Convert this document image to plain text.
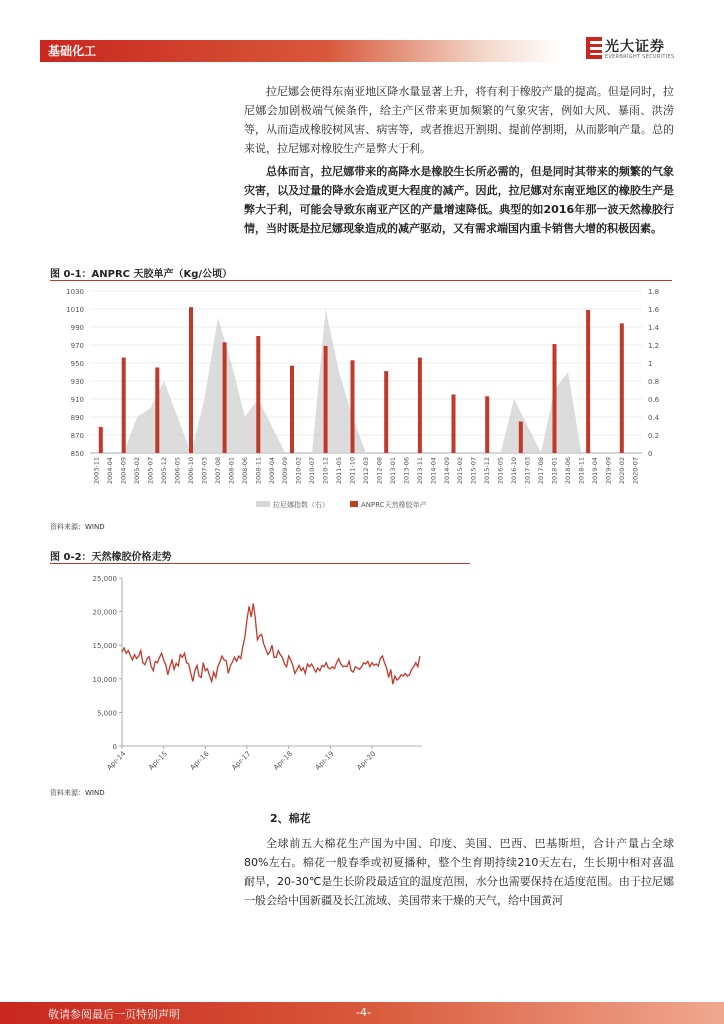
基础化工	光大证券
EVERBRIGHT SECURITIES

拉尼娜会使得东南亚地区降水量显著上升，将有利于橡胶产量的提高。但是同时，拉尼娜会加剧极端气候条件，给主产区带来更加频繁的气象灾害，例如大风、暴雨、洪涝等，从而造成橡胶树风害、病害等，或者推迟开割期、提前停割期，从而影响产量。总的来说，拉尼娜对橡胶生产是弊大于利。

总体而言，拉尼娜带来的高降水是橡胶生长所必需的，但是同时其带来的频繁的气象灾害，以及过量的降水会造成更大程度的减产。因此，拉尼娜对东南亚地区的橡胶生产是弊大于利，可能会导致东南亚产区的产量增速降低。典型的如2016年那一波天然橡胶行情，当时既是拉尼娜现象造成的减产驱动，又有需求端国内重卡销售大增的积极因素。

图 0-1：ANPRC 天胶单产（Kg/公顷）
850
870
890
910
930
950
970
990
1010
1030
0
0.2
0.4
0.6
0.8
1
1.2
1.4
1.6
1.8
2003-11 2004-04 2004-09 2005-02 2005-07 2005-12 2006-05 2006-10 2007-03 2007-08 2008-01 2008-06 2008-11 2009-04 2009-09 2010-02 2010-07 2010-12 2011-05 2011-10 2012-03 2012-08 2013-01 2013-06 2013-11 2014-04 2014-09 2015-02 2015-07 2015-12 2016-05 2016-10 2017-03 2017-08 2018-01 2018-06 2018-11 2019-04 2019-09 2020-02 2020-07
拉尼娜指数（右）	ANPRC天然橡胶单产
资料来源：WIND
图 0-2：天然橡胶价格走势
0
5,000
10,000
15,000
20,000
25,000
Apr-14	Apr-15	Apr-16	Apr-17	Apr-18	Apr-19	Apr-20
资料来源：WIND
2、棉花

全球前五大棉花生产国为中国、印度、美国、巴西、巴基斯坦，合计产量占全球80%左右。棉花一般春季或初夏播种，整个生育期持续210天左右，生长期中相对喜温耐旱，20-30℃是生长阶段最适宜的温度范围，水分也需要保持在适度范围。由于拉尼娜一般会给中国新疆及长江流域、美国带来干燥的天气，给中国黄河

敬请参阅最后一页特别声明	-4-
